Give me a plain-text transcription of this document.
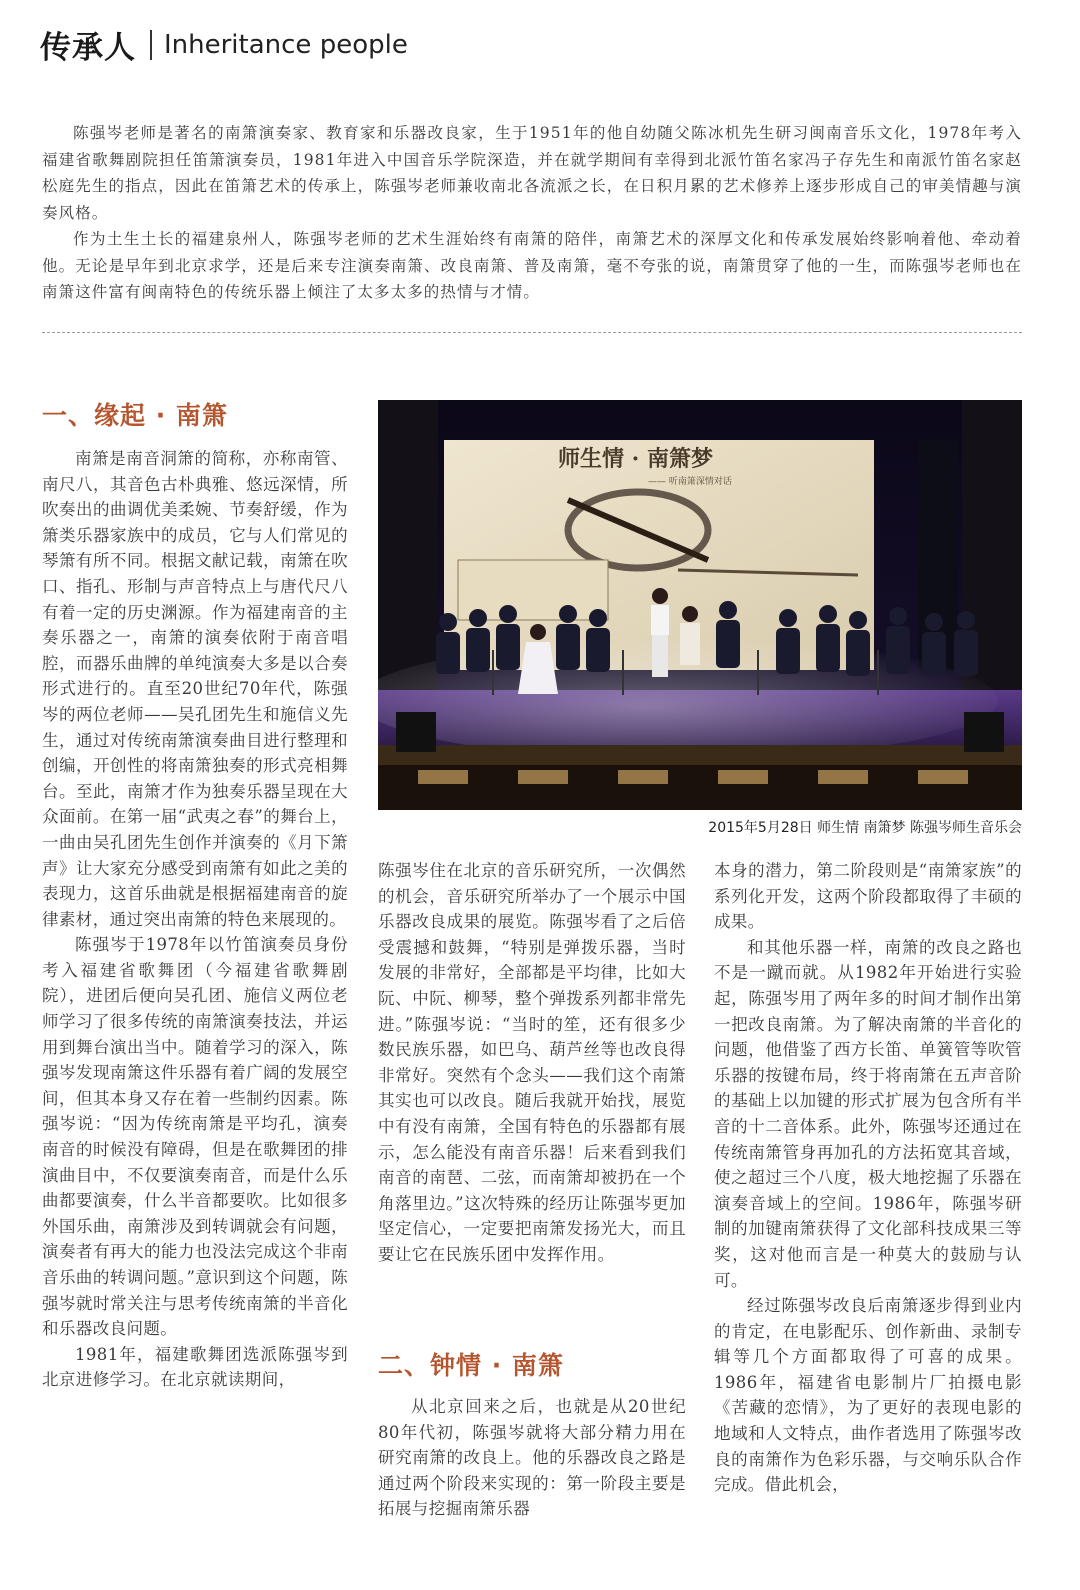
传承人 Inheritance people

陈强岑老师是著名的南箫演奏家、教育家和乐器改良家，生于1951年的他自幼随父陈冰机先生研习闽南音乐文化，1978年考入福建省歌舞剧院担任笛箫演奏员，1981年进入中国音乐学院深造，并在就学期间有幸得到北派竹笛名家冯子存先生和南派竹笛名家赵松庭先生的指点，因此在笛箫艺术的传承上，陈强岑老师兼收南北各流派之长，在日积月累的艺术修养上逐步形成自己的审美情趣与演奏风格。

作为土生土长的福建泉州人，陈强岑老师的艺术生涯始终有南箫的陪伴，南箫艺术的深厚文化和传承发展始终影响着他、牵动着他。无论是早年到北京求学，还是后来专注演奏南箫、改良南箫、普及南箫，毫不夸张的说，南箫贯穿了他的一生，而陈强岑老师也在南箫这件富有闽南特色的传统乐器上倾注了太多太多的热情与才情。

一、缘起 · 南箫

南箫是南音洞箫的简称，亦称南管、南尺八，其音色古朴典雅、悠远深情，所吹奏出的曲调优美柔婉、节奏舒缓，作为箫类乐器家族中的成员，它与人们常见的琴箫有所不同。根据文献记载，南箫在吹口、指孔、形制与声音特点上与唐代尺八有着一定的历史渊源。作为福建南音的主奏乐器之一，南箫的演奏依附于南音唱腔，而器乐曲牌的单纯演奏大多是以合奏形式进行的。直至20世纪70年代，陈强岑的两位老师——吴孔团先生和施信义先生，通过对传统南箫演奏曲目进行整理和创编，开创性的将南箫独奏的形式亮相舞台。至此，南箫才作为独奏乐器呈现在大众面前。在第一届“武夷之春”的舞台上，一曲由吴孔团先生创作并演奏的《月下箫声》让大家充分感受到南箫有如此之美的表现力，这首乐曲就是根据福建南音的旋律素材，通过突出南箫的特色来展现的。

陈强岑于1978年以竹笛演奏员身份考入福建省歌舞团（今福建省歌舞剧院），进团后便向吴孔团、施信义两位老师学习了很多传统的南箫演奏技法，并运用到舞台演出当中。随着学习的深入，陈强岑发现南箫这件乐器有着广阔的发展空间，但其本身又存在着一些制约因素。陈强岑说：“因为传统南箫是平均孔，演奏南音的时候没有障碍，但是在歌舞团的排演曲目中，不仅要演奏南音，而是什么乐曲都要演奏，什么半音都要吹。比如很多外国乐曲，南箫涉及到转调就会有问题，演奏者有再大的能力也没法完成这个非南音乐曲的转调问题。”意识到这个问题，陈强岑就时常关注与思考传统南箫的半音化和乐器改良问题。

1981年，福建歌舞团选派陈强岑到北京进修学习。在北京就读期间，

师生情 · 南箫梦
—— 听南箫深情对话
2015年5月28日 师生情 南箫梦 陈强岑师生音乐会

陈强岑住在北京的音乐研究所，一次偶然的机会，音乐研究所举办了一个展示中国乐器改良成果的展览。陈强岑看了之后倍受震撼和鼓舞，“特别是弹拨乐器，当时发展的非常好，全部都是平均律，比如大阮、中阮、柳琴，整个弹拨系列都非常先进。”陈强岑说：“当时的笙，还有很多少数民族乐器，如巴乌、葫芦丝等也改良得非常好。突然有个念头——我们这个南箫其实也可以改良。随后我就开始找，展览中有没有南箫，全国有特色的乐器都有展示，怎么能没有南音乐器！后来看到我们南音的南琶、二弦，而南箫却被扔在一个角落里边。”这次特殊的经历让陈强岑更加坚定信心，一定要把南箫发扬光大，而且要让它在民族乐团中发挥作用。

二、钟情 · 南箫

从北京回来之后，也就是从20世纪80年代初，陈强岑就将大部分精力用在研究南箫的改良上。他的乐器改良之路是通过两个阶段来实现的：第一阶段主要是拓展与挖掘南箫乐器

本身的潜力，第二阶段则是“南箫家族”的系列化开发，这两个阶段都取得了丰硕的成果。

和其他乐器一样，南箫的改良之路也不是一蹴而就。从1982年开始进行实验起，陈强岑用了两年多的时间才制作出第一把改良南箫。为了解决南箫的半音化的问题，他借鉴了西方长笛、单簧管等吹管乐器的按键布局，终于将南箫在五声音阶的基础上以加键的形式扩展为包含所有半音的十二音体系。此外，陈强岑还通过在传统南箫管身再加孔的方法拓宽其音域，使之超过三个八度，极大地挖掘了乐器在演奏音域上的空间。1986年，陈强岑研制的加键南箫获得了文化部科技成果三等奖，这对他而言是一种莫大的鼓励与认可。

经过陈强岑改良后南箫逐步得到业内的肯定，在电影配乐、创作新曲、录制专辑等几个方面都取得了可喜的成果。1986年，福建省电影制片厂拍摄电影《苦藏的恋情》，为了更好的表现电影的地域和人文特点，曲作者选用了陈强岑改良的南箫作为色彩乐器，与交响乐队合作完成。借此机会，
